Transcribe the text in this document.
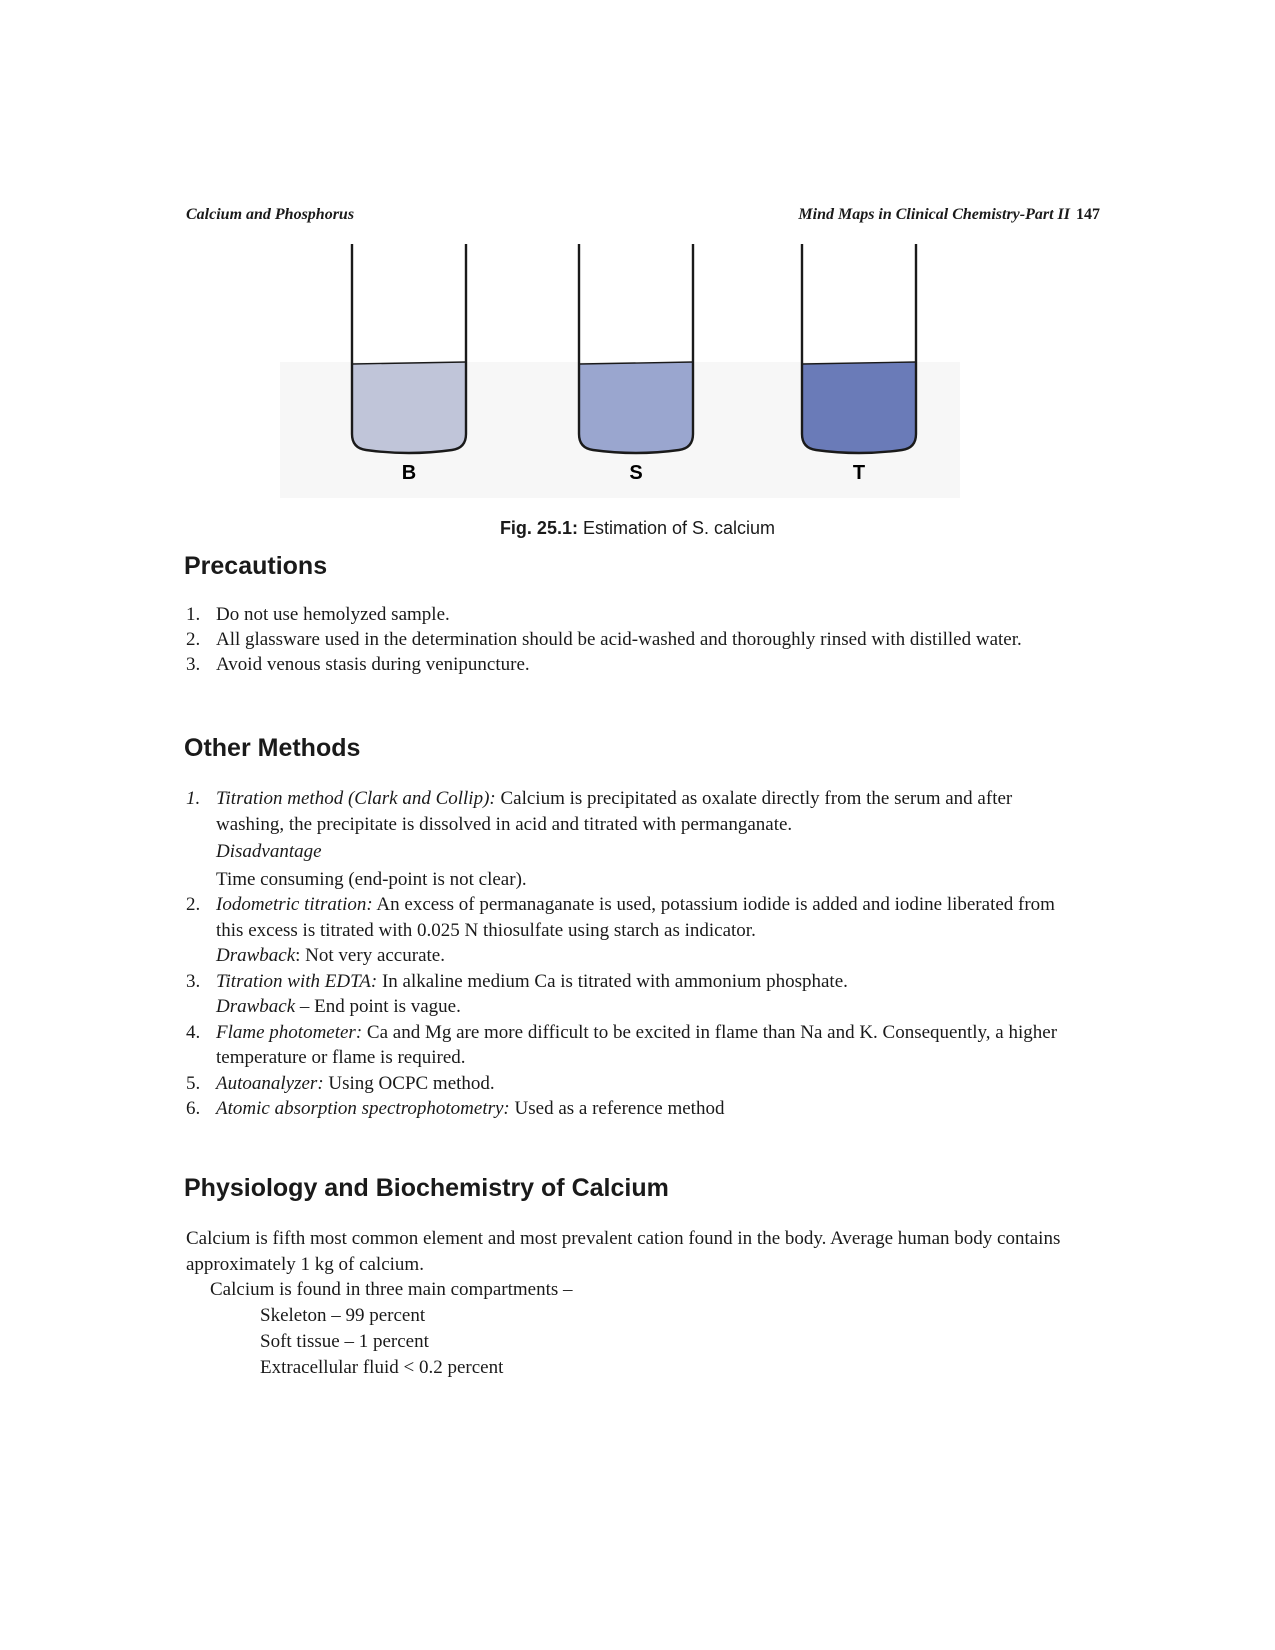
Calcium and Phosphorus	Mind Maps in Clinical Chemistry-Part II 147
B	S	T
Fig. 25.1: Estimation of S. calcium
Precautions
1. Do not use hemolyzed sample.
2. All glassware used in the determination should be acid-washed and thoroughly rinsed with distilled water.
3. Avoid venous stasis during venipuncture.
Other Methods
1. Titration method (Clark and Collip): Calcium is precipitated as oxalate directly from the serum and after washing, the precipitate is dissolved in acid and titrated with permanganate.
Disadvantage
Time consuming (end-point is not clear).
2. Iodometric titration: An excess of permanaganate is used, potassium iodide is added and iodine liberated from this excess is titrated with 0.025 N thiosulfate using starch as indicator.
Drawback: Not very accurate.
3. Titration with EDTA: In alkaline medium Ca is titrated with ammonium phosphate.
Drawback – End point is vague.
4. Flame photometer: Ca and Mg are more difficult to be excited in flame than Na and K. Consequently, a higher temperature or flame is required.
5. Autoanalyzer: Using OCPC method.
6. Atomic absorption spectrophotometry: Used as a reference method
Physiology and Biochemistry of Calcium

Calcium is fifth most common element and most prevalent cation found in the body. Average human body contains approximately 1 kg of calcium.

Calcium is found in three main compartments –

Skeleton – 99 percent

Soft tissue – 1 percent

Extracellular fluid < 0.2 percent
